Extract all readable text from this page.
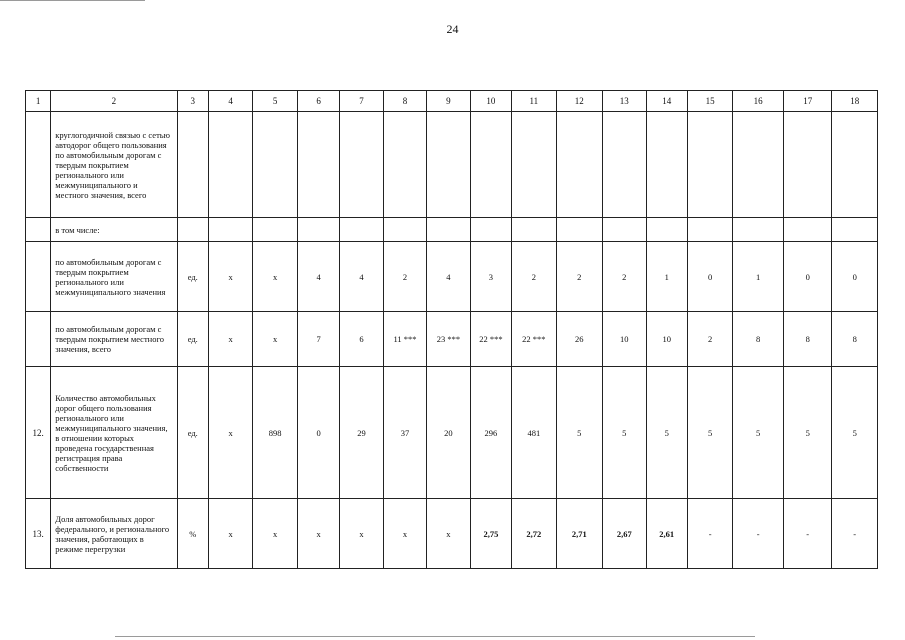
24
1	2	3	4	5	6	7	8	9	10	11	12	13	14	15	16	17	18
	круглогодичной связью с сетью автодорог общего пользования по автомобильным дорогам с твердым покрытием регионального или межмуниципального и местного значения, всего																
	в том числе:																
	по автомобильным дорогам с твердым покрытием регионального или межмуниципального значения	ед.	х	х	4	4	2	4	3	2	2	2	1	0	1	0	0
	по автомобильным дорогам с твердым покрытием местного значения, всего	ед.	х	х	7	6	11 ***	23 ***	22 ***	22 ***	26	10	10	2	8	8	8
12.	Количество автомобильных дорог общего пользования регионального или межмуниципального значения, в отношении которых проведена государственная регистрация права собственности	ед.	х	898	0	29	37	20	296	481	5	5	5	5	5	5	5
13.	Доля автомобильных дорог федерального, и регионального значения, работающих в режиме перегрузки	%	х	х	х	х	х	х	2,75	2,72	2,71	2,67	2,61	-	-	-	-
